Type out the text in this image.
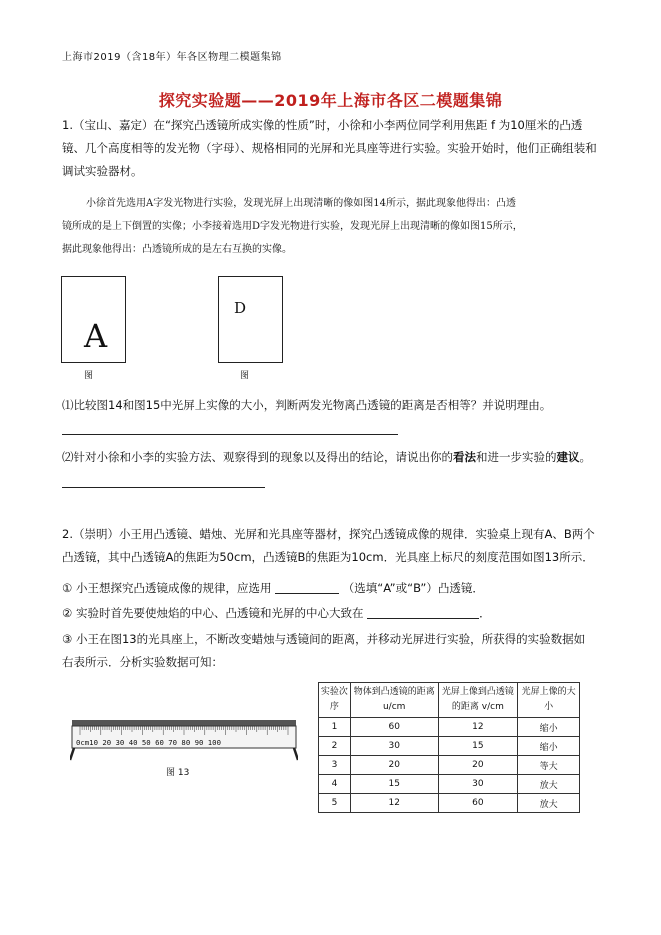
上海市2019（含18年）年各区物理二模题集锦
探究实验题——2019年上海市各区二模题集锦
1.（宝山、嘉定）在“探究凸透镜所成实像的性质”时，小徐和小李两位同学利用焦距 f 为10厘米的凸透
镜、几个高度相等的发光物（字母）、规格相同的光屏和光具座等进行实验。实验开始时，他们正确组装和
调试实验器材。
小徐首先选用A字发光物进行实验，发现光屏上出现清晰的像如图14所示，据此现象他得出：凸透
镜所成的是上下倒置的实像；小李接着选用D字发光物进行实验，发现光屏上出现清晰的像如图15所示，
据此现象他得出：凸透镜所成的是左右互换的实像。
A
图
D
图
⑴比较图14和图15中光屏上实像的大小，判断两发光物离凸透镜的距离是否相等？并说明理由。
⑵针对小徐和小李的实验方法、观察得到的现象以及得出的结论，请说出你的看法和进一步实验的建议。
2.（崇明）小王用凸透镜、蜡烛、光屏和光具座等器材，探究凸透镜成像的规律．实验桌上现有A、B两个
凸透镜，其中凸透镜A的焦距为50cm，凸透镜B的焦距为10cm．光具座上标尺的刻度范围如图13所示．
① 小王想探究凸透镜成像的规律，应选用	（选填“A”或“B”）凸透镜．
② 实验时首先要使烛焰的中心、凸透镜和光屏的中心大致在	．
③ 小王在图13的光具座上，不断改变蜡烛与透镜间的距离，并移动光屏进行实验，所获得的实验数据如
右表所示．分析实验数据可知：
0cm10 20 30 40 50 60 70 80 90 100
图 13
实验次序	物体到凸透镜的距离 u/cm	光屏上像到凸透镜的距离 v/cm	光屏上像的大小
1	60	12	缩小
2	30	15	缩小
3	20	20	等大
4	15	30	放大
5	12	60	放大
